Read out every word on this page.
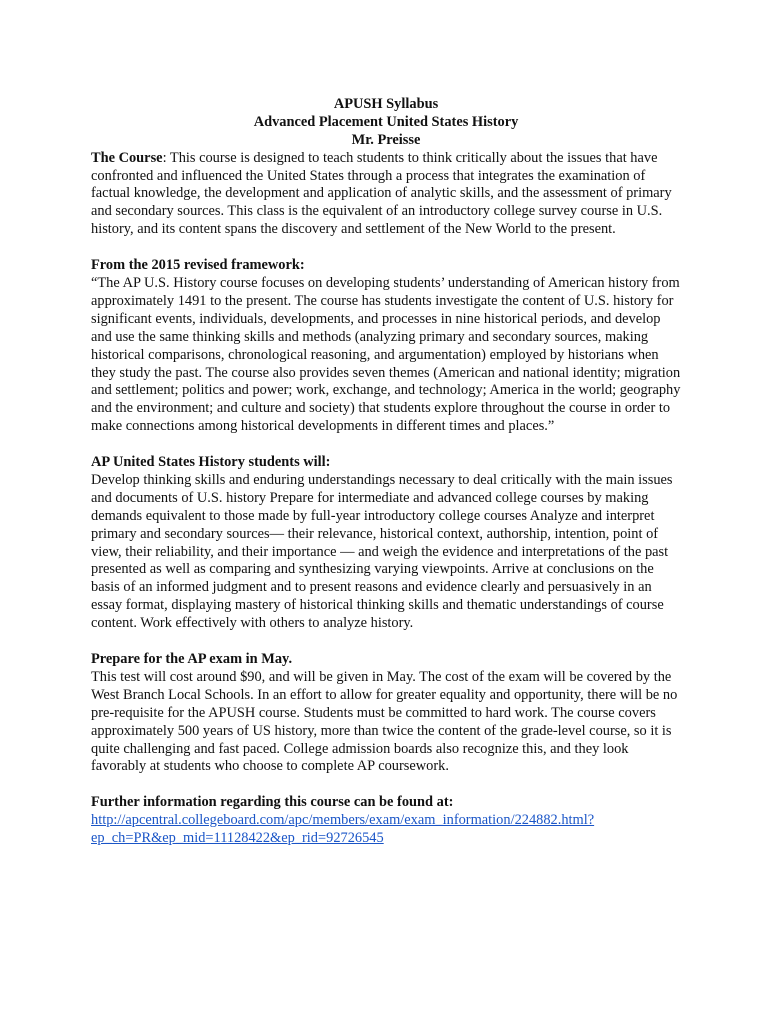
APUSH Syllabus
Advanced Placement United States History
Mr. Preisse

The Course: This course is designed to teach students to think critically about the issues that have confronted and influenced the United States through a process that integrates the examination of factual knowledge, the development and application of analytic skills, and the assessment of primary and secondary sources. This class is the equivalent of an introductory college survey course in U.S. history, and its content spans the discovery and settlement of the New World to the present.

From the 2015 revised framework:

“The AP U.S. History course focuses on developing students’ understanding of American history from approximately 1491 to the present. The course has students investigate the content of U.S. history for significant events, individuals, developments, and processes in nine historical periods, and develop and use the same thinking skills and methods (analyzing primary and secondary sources, making historical comparisons, chronological reasoning, and argumentation) employed by historians when they study the past. The course also provides seven themes (American and national identity; migration and settlement; politics and power; work, exchange, and technology; America in the world; geography and the environment; and culture and society) that students explore throughout the course in order to make connections among historical developments in different times and places.”

AP United States History students will:

Develop thinking skills and enduring understandings necessary to deal critically with the main issues and documents of U.S. history Prepare for intermediate and advanced college courses by making demands equivalent to those made by full-year introductory college courses Analyze and interpret primary and secondary sources— their relevance, historical context, authorship, intention, point of view, their reliability, and their importance — and weigh the evidence and interpretations of the past presented as well as comparing and synthesizing varying viewpoints. Arrive at conclusions on the basis of an informed judgment and to present reasons and evidence clearly and persuasively in an essay format, displaying mastery of historical thinking skills and thematic understandings of course content. Work effectively with others to analyze history.

Prepare for the AP exam in May.

This test will cost around $90, and will be given in May. The cost of the exam will be covered by the West Branch Local Schools. In an effort to allow for greater equality and opportunity, there will be no pre-requisite for the APUSH course. Students must be committed to hard work. The course covers approximately 500 years of US history, more than twice the content of the grade-level course, so it is quite challenging and fast paced. College admission boards also recognize this, and they look favorably at students who choose to complete AP coursework.

Further information regarding this course can be found at:

http://apcentral.collegeboard.com/apc/members/exam/exam_information/224882.html?
ep_ch=PR&ep_mid=11128422&ep_rid=92726545
